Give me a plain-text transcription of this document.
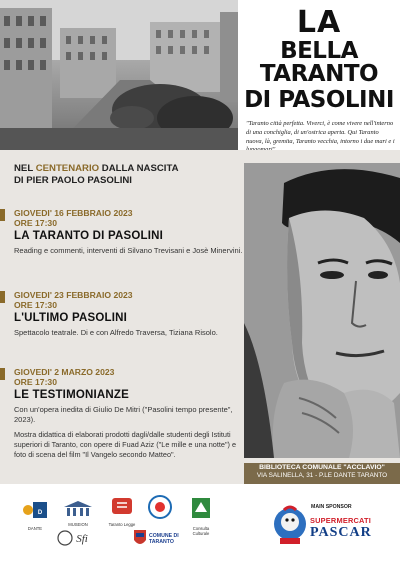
LA
BELLA TARANTO
DI PASOLINI
"Taranto città perfetta. Viverci, è come vivere nell'interno di una conchiglia, di un'ostrica aperta. Qui Taranto nuova, là, gremita, Taranto vecchia, intorno i due mari e i
NEL CENTENARIO DALLA NASCITA
DI PIER PAOLO PASOLINI
GIOVEDI' 16 FEBBRAIO 2023
ORE 17:30
LA TARANTO DI PASOLINI
Reading e commenti, interventi di Silvano Trevisani e Josè Minervini.
GIOVEDI' 23 FEBBRAIO 2023
ORE 17:30
L'ULTIMO PASOLINI
Spettacolo teatrale. Di e con Alfredo Traversa, Tiziana Risolo.
GIOVEDI' 2 MARZO 2023
ORE 17:30
LE TESTIMONIANZE
Con un'opera inedita di Giulio De Mitri ("Pasolini tempo presente", 2023).
Mostra didattica di elaborati prodotti dagli/dalle studenti degli Istituti superiori di Taranto, con opere di Fuad Aziz ("Le mille e una notte") e foto di scena del film "Il Vangelo secondo Matteo".
BIBLIOTECA COMUNALE "ACCLAVIO"
VIA SALINELLA, 31 - P.LE DANTE TARANTO
D
DANTE
MUSEION	Taranto Legge
Consulta Culturale
Sfi	COMUNE DI TARANTO
MAIN SPONSOR
SUPERMERCATI
PASCAR
